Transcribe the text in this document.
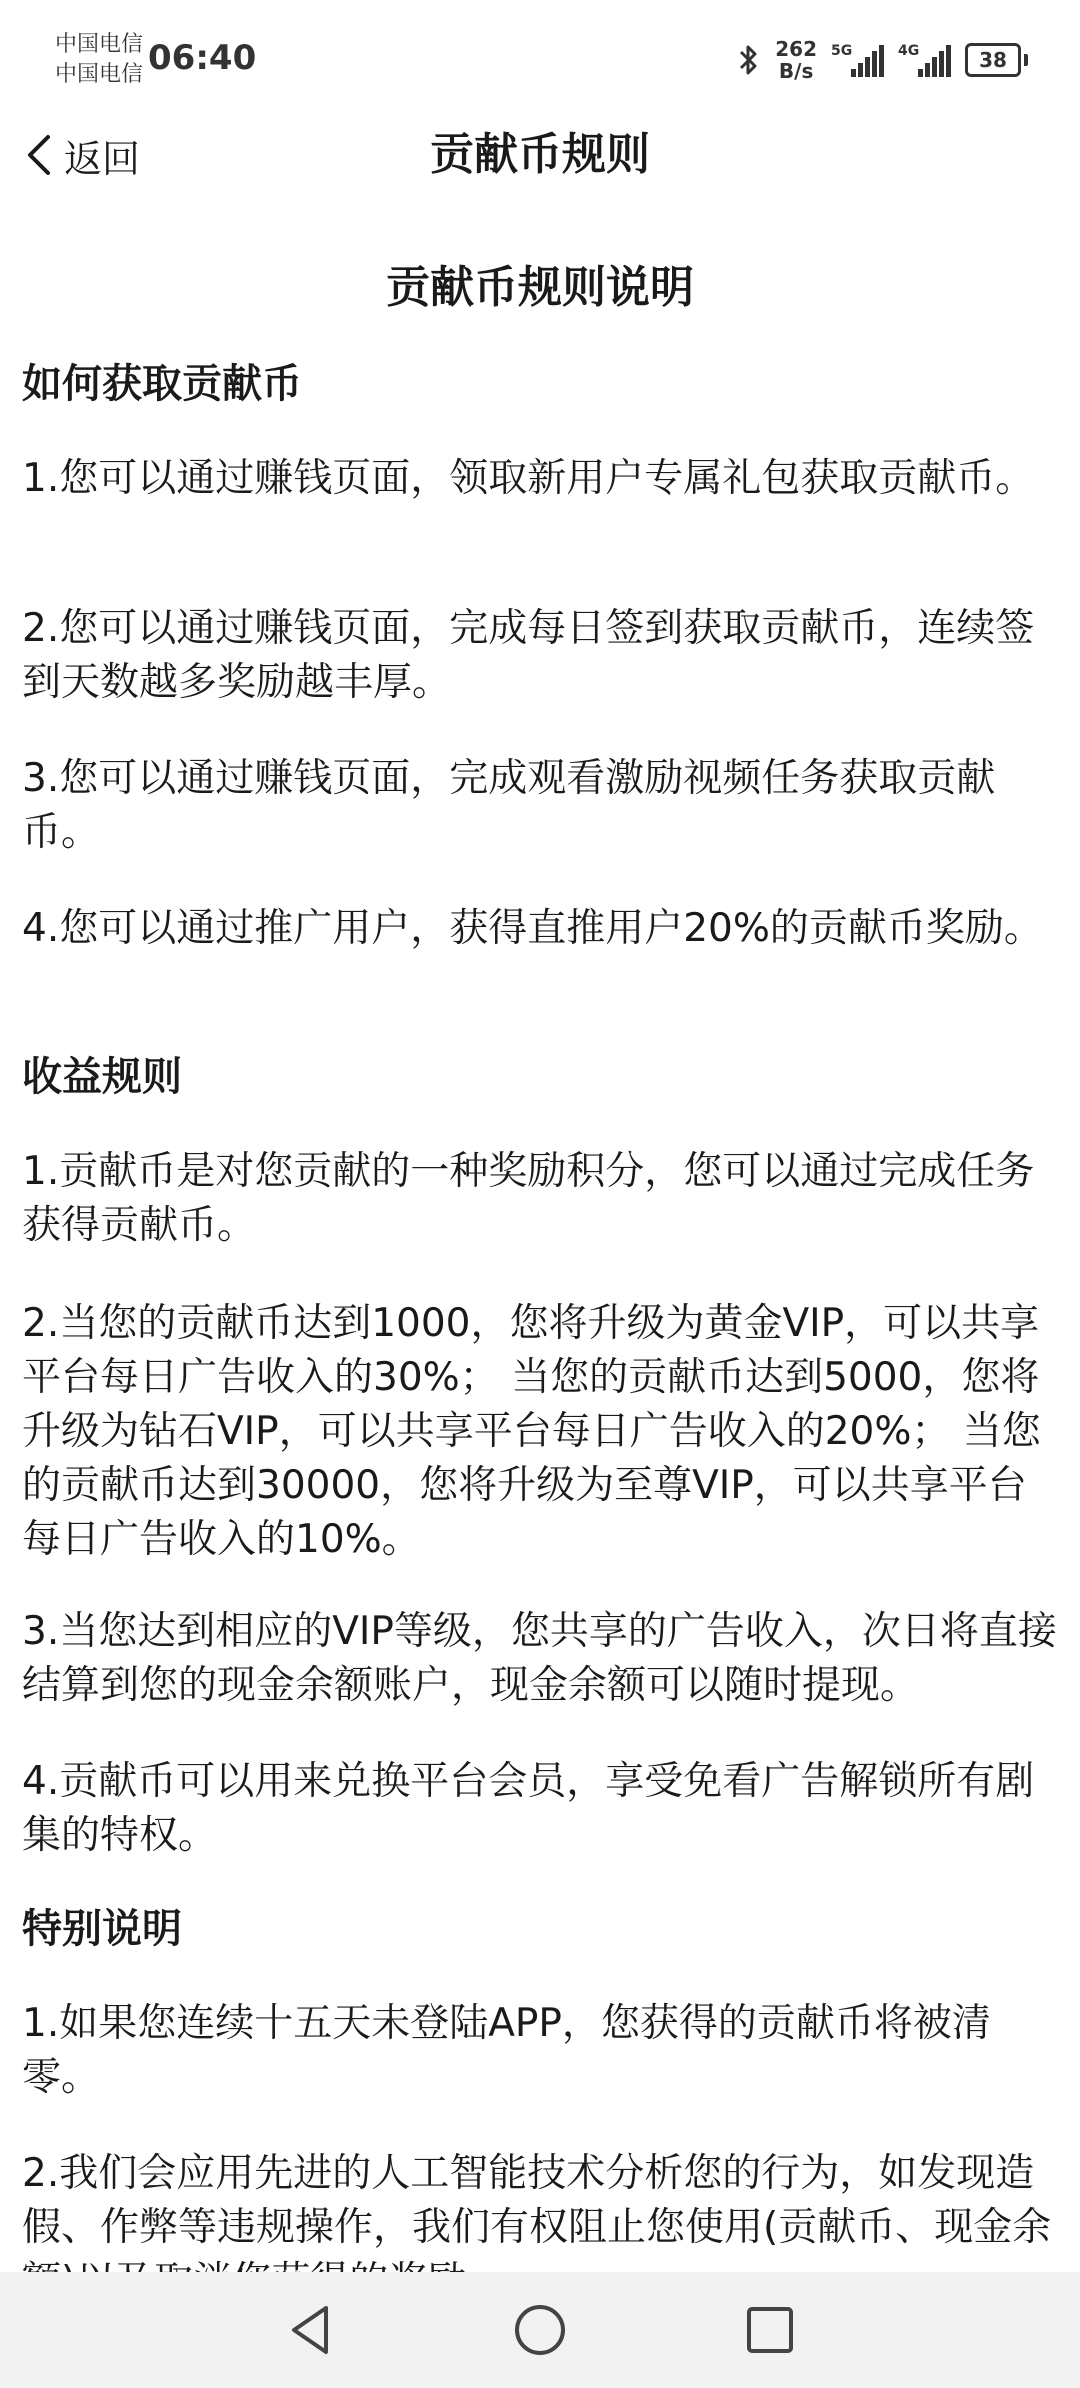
中国电信
中国电信 06:40	262
B/s
5G	4G	38
返回	贡献币规则
贡献币规则说明

如何获取贡献币

1.您可以通过赚钱页面，领取新用户专属礼包获取贡献币。

2.您可以通过赚钱页面，完成每日签到获取贡献币，连续签到天数越多奖励越丰厚。

3.您可以通过赚钱页面，完成观看激励视频任务获取贡献币。

4.您可以通过推广用户，获得直推用户20%的贡献币奖励。

收益规则

1.贡献币是对您贡献的一种奖励积分，您可以通过完成任务获得贡献币。

2.当您的贡献币达到1000，您将升级为黄金VIP，可以共享平台每日广告收入的30%； 当您的贡献币达到5000，您将升级为钻石VIP，可以共享平台每日广告收入的20%； 当您的贡献币达到30000，您将升级为至尊VIP，可以共享平台每日广告收入的10%。

3.当您达到相应的VIP等级，您共享的广告收入，次日将直接结算到您的现金余额账户，现金余额可以随时提现。

4.贡献币可以用来兑换平台会员，享受免看广告解锁所有剧集的特权。

特别说明

1.如果您连续十五天未登陆APP，您获得的贡献币将被清零。

2.我们会应用先进的人工智能技术分析您的行为，如发现造假、作弊等违规操作，我们有权阻止您使用(贡献币、现金余
